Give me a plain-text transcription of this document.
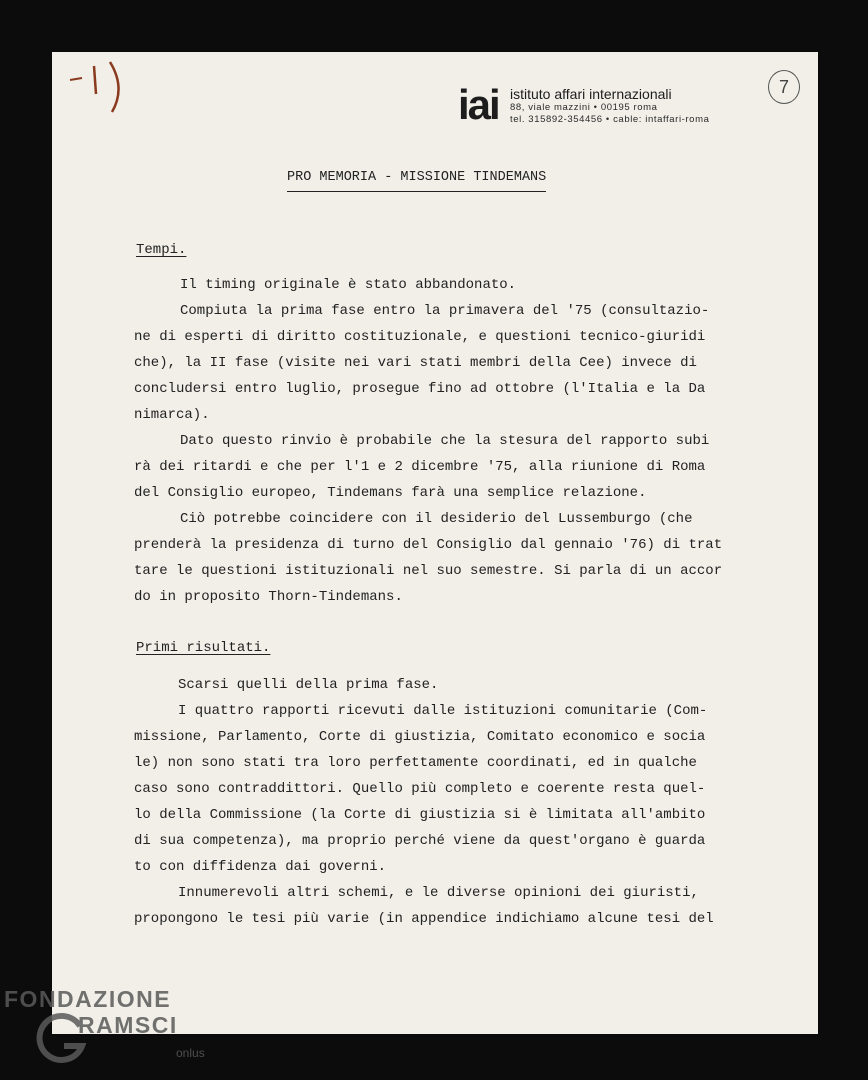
-1)
iai istituto affari internazionali
88, viale mazzini • 00195 roma
tel. 315892-354456 • cable: intaffari-roma
7
PRO MEMORIA - MISSIONE TINDEMANS
Tempi.
Il timing originale è stato abbandonato.
Compiuta la prima fase entro la primavera del '75 (consultazio-
ne di esperti di diritto costituzionale, e questioni tecnico-giuridi
che), la II fase (visite nei vari stati membri della Cee) invece di
concludersi entro luglio, prosegue fino ad ottobre (l'Italia e la Da
nimarca).
Dato questo rinvio è probabile che la stesura del rapporto subi
rà dei ritardi e che per l'1 e 2 dicembre '75, alla riunione di Roma
del Consiglio europeo, Tindemans farà una semplice relazione.
Ciò potrebbe coincidere con il desiderio del Lussemburgo (che
prenderà la presidenza di turno del Consiglio dal gennaio '76) di trat
tare le questioni istituzionali nel suo semestre. Si parla di un accor
do in proposito Thorn-Tindemans.
Primi risultati.
Scarsi quelli della prima fase.
I quattro rapporti ricevuti dalle istituzioni comunitarie (Com-
missione, Parlamento, Corte di giustizia, Comitato economico e socia
le) non sono stati tra loro perfettamente coordinati, ed in qualche
caso sono contraddittori. Quello più completo e coerente resta quel-
lo della Commissione (la Corte di giustizia si è limitata all'ambito
di sua competenza), ma proprio perché viene da quest'organo è guarda
to con diffidenza dai governi.
Innumerevoli altri schemi, e le diverse opinioni dei giuristi,
propongono le tesi più varie (in appendice indichiamo alcune tesi del
FONDAZIONE
RAMSCI
onlus
